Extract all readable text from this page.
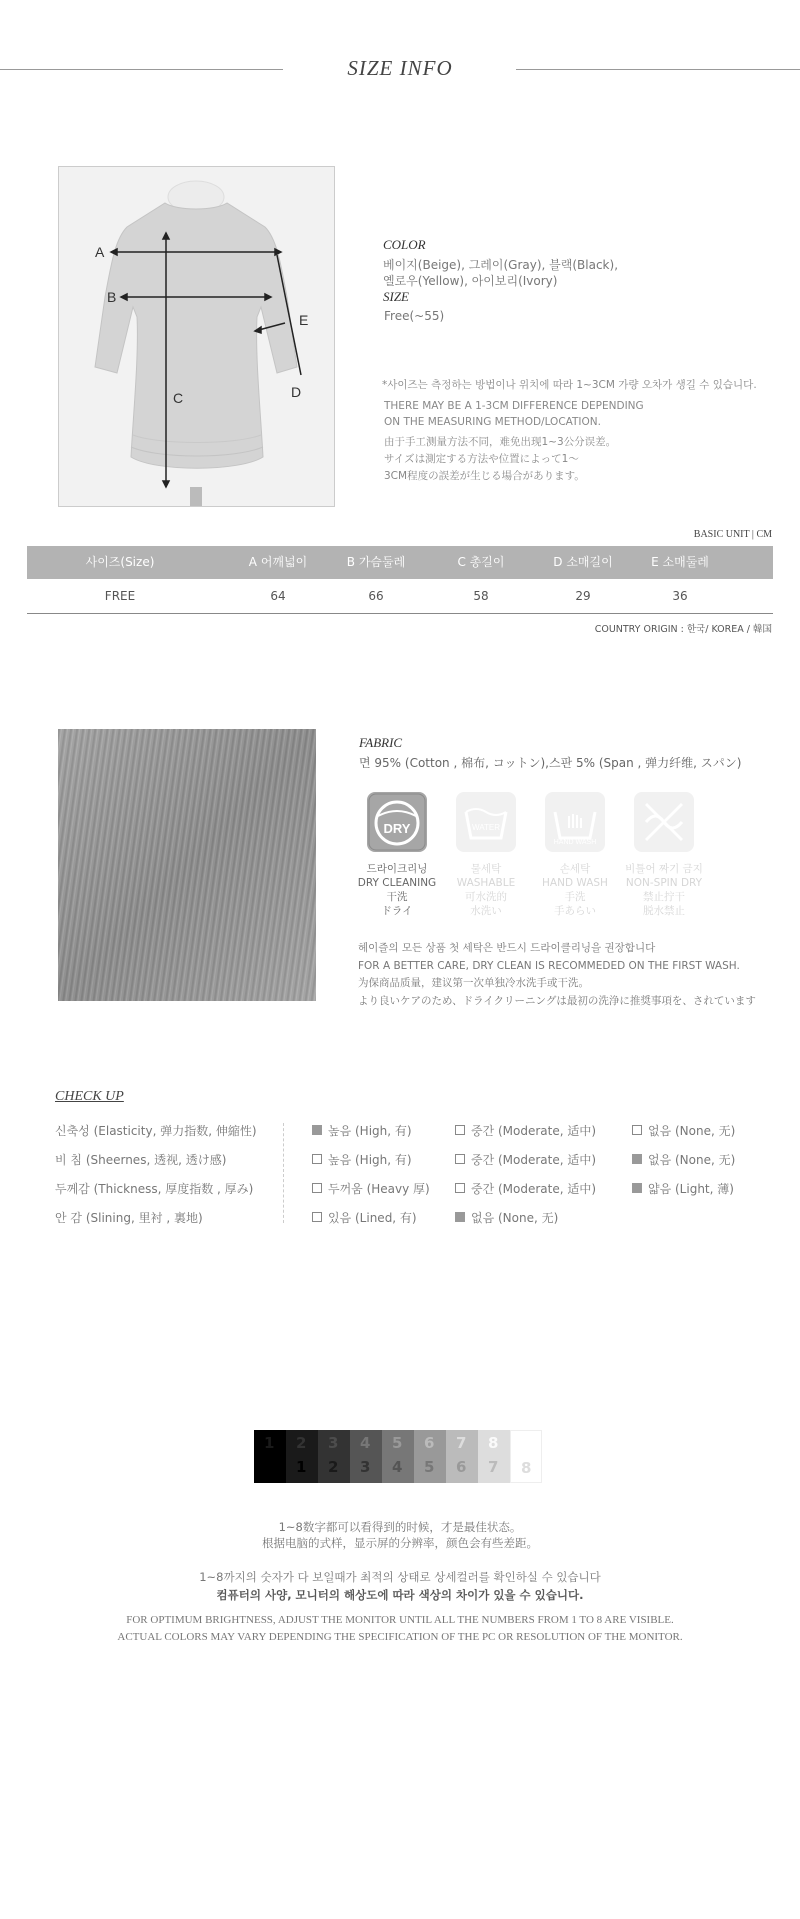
SIZE INFO
A
B
C	D
E
COLOR
베이지(Beige), 그레이(Gray), 블랙(Black),
옐로우(Yellow), 아이보리(Ivory)
SIZE
Free(~55)
*사이즈는 측정하는 방법이나 위치에 따라 1~3CM 가량 오차가 생길 수 있습니다.
THERE MAY BE A 1-3CM DIFFERENCE DEPENDING
ON THE MEASURING METHOD/LOCATION.
由于手工测量方法不同，难免出现1~3公分误差。
サイズは測定する方法や位置によって1～
3CM程度の誤差が生じる場合があります。
BASIC UNIT | CM
사이즈(Size)	A 어깨넓이	B 가슴둘레	C 총길이	D 소매길이	E 소매둘레
FREE	64	66	58	29	36
COUNTRY ORIGIN : 한국/ KOREA / 韓国
FABRIC
면 95% (Cotton , 棉布, コットン),스판 5% (Span , 弹力纤维, スパン)
DRY	WATER
HAND WASH
드라이크리닝
DRY CLEANING
干洗
ドライ
물세탁
WASHABLE
可水洗的
水洗い
손세탁
HAND WASH
手洗
手あらい
비틀어 짜기 금지
NON-SPIN DRY
禁止拧干
脱水禁止
헤이즐의 모든 상품 첫 세탁은 반드시 드라이클리닝을 권장합니다
FOR A BETTER CARE, DRY CLEAN IS RECOMMEDED ON THE FIRST WASH.
为保商品质量，建议第一次单独冷水洗手或干洗。
より良いケアのため、ドライクリーニングは最初の洗浄に推奨事項を、されています
CHECK UP
신축성 (Elasticity, 弹力指数, 伸縮性)	높음 (High, 有)	중간 (Moderate, 适中)	없음 (None, 无)
비 침 (Sheernes, 透视, 透け感)	높음 (High, 有)	중간 (Moderate, 适中)	없음 (None, 无)
두께감 (Thickness, 厚度指数 , 厚み)	두꺼움 (Heavy 厚)	중간 (Moderate, 适中)	얇음 (Light, 薄)
안 감 (Slining, 里衬 , 裏地)	있음 (Lined, 有)	없음 (None, 无)
1 2
1
3
2
4
3
5
4
6
5
7
6
8
7 8
1~8数字都可以看得到的时候，才是最佳状态。
根据电脑的式样，显示屏的分辨率，颜色会有些差距。
1~8까지의 숫자가 다 보일때가 최적의 상태로 상세컬러를 확인하실 수 있습니다
컴퓨터의 사양, 모니터의 해상도에 따라 색상의 차이가 있을 수 있습니다.
FOR OPTIMUM BRIGHTNESS, ADJUST THE MONITOR UNTIL ALL THE NUMBERS FROM 1 TO 8 ARE VISIBLE.
ACTUAL COLORS MAY VARY DEPENDING THE SPECIFICATION OF THE PC OR RESOLUTION OF THE MONITOR.
